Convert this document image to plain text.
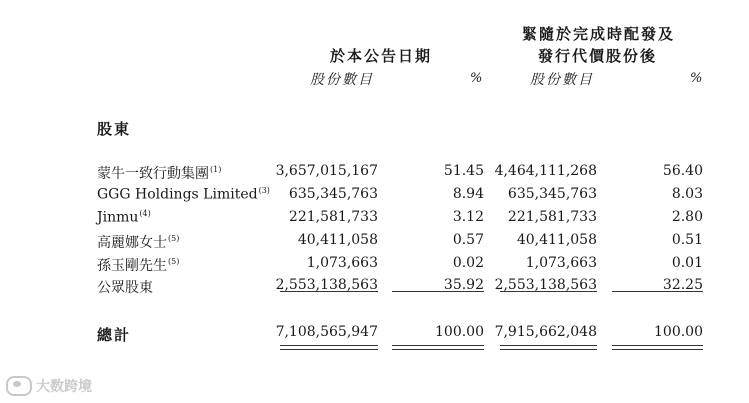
於本公告日期
緊隨於完成時配發及
發行代價股份後
股份數目	%	股份數目	%
股東
蒙牛一致行動集團$^{(1)}$	3,657,015,167	51.45 4,464,111,268	56.40
GGG Holdings Limited$^{(3)}$ 635,345,763	8.94 635,345,763	8.03
Jinmu$^{(4)}$	221,581,733	3.12 221,581,733	2.80
高麗娜女士$^{(5)}$	40,411,058	0.57 40,411,058	0.51
孫玉剛先生$^{(5)}$	1,073,663	0.02	1,073,663	0.01
公眾股東	2,553,138,563	35.92 2,553,138,563	32.25
總計	7,108,565,947	100.00 7,915,662,048	100.00
大数跨境
